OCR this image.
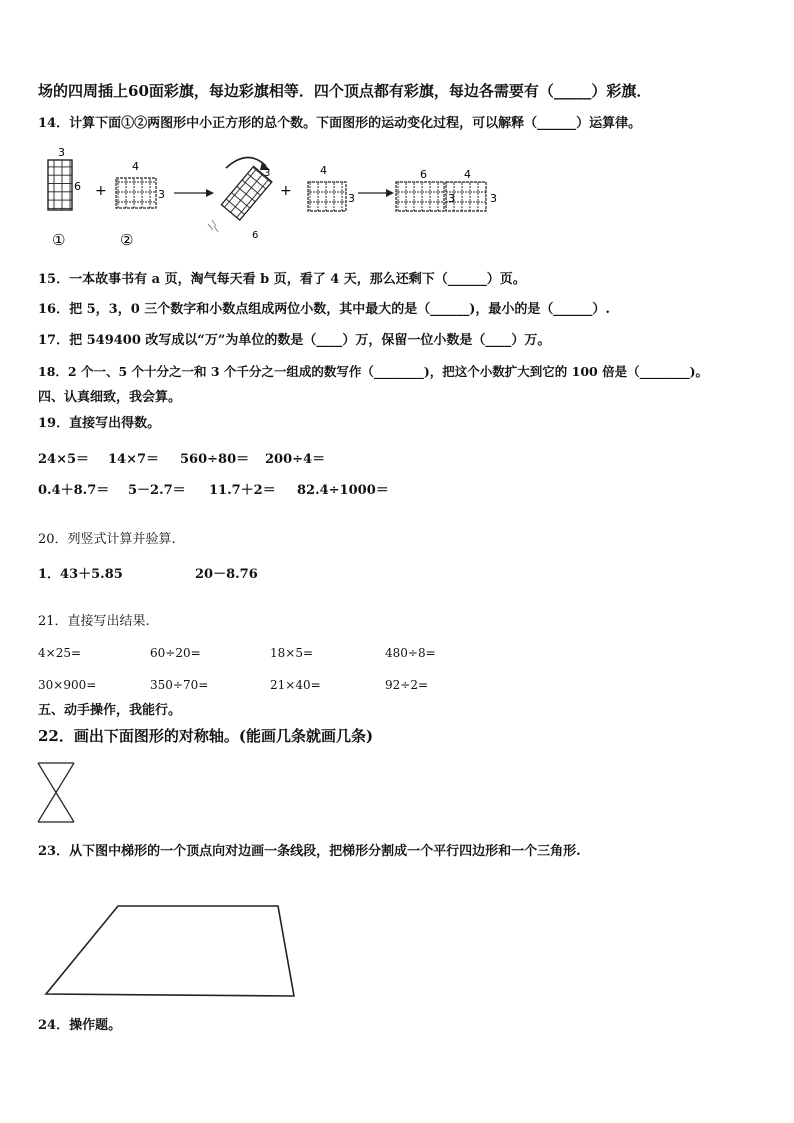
场的四周插上60面彩旗，每边彩旗相等．四个顶点都有彩旗，每边各需要有（_____）彩旗．
14．计算下面①②两图形中小正方形的总个数。下面图形的运动变化过程，可以解释（______）运算律。
3
6
①
+
4
3
②
3
6
+
4
3
6	4
3	3
15．一本故事书有 a 页，淘气每天看 b 页，看了 4 天，那么还剩下（______）页。
16．把 5，3，0 三个数字和小数点组成两位小数，其中最大的是（______)，最小的是（______）.
17．把 549400 改写成以“万”为单位的数是（____）万，保留一位小数是（____）万。
18．2 个一、5 个十分之一和 3 个千分之一组成的数写作（________)，把这个小数扩大到它的 100 倍是（________)。
四、认真细致，我会算。
19．直接写出得数。
24×5＝ 14×7＝ 560÷80＝ 200÷4＝
0.4＋8.7＝ 5－2.7＝ 11.7＋2＝ 82.4÷1000＝
20．列竖式计算并验算.
1．43＋5.85	20－8.76
21．直接写出结果.
4×25=	60÷20=	18×5=	480÷8=
30×900=	350÷70=	21×40=	92÷2=
五、动手操作，我能行。
22．画出下面图形的对称轴。(能画几条就画几条)
23．从下图中梯形的一个顶点向对边画一条线段，把梯形分割成一个平行四边形和一个三角形.
24．操作题。
